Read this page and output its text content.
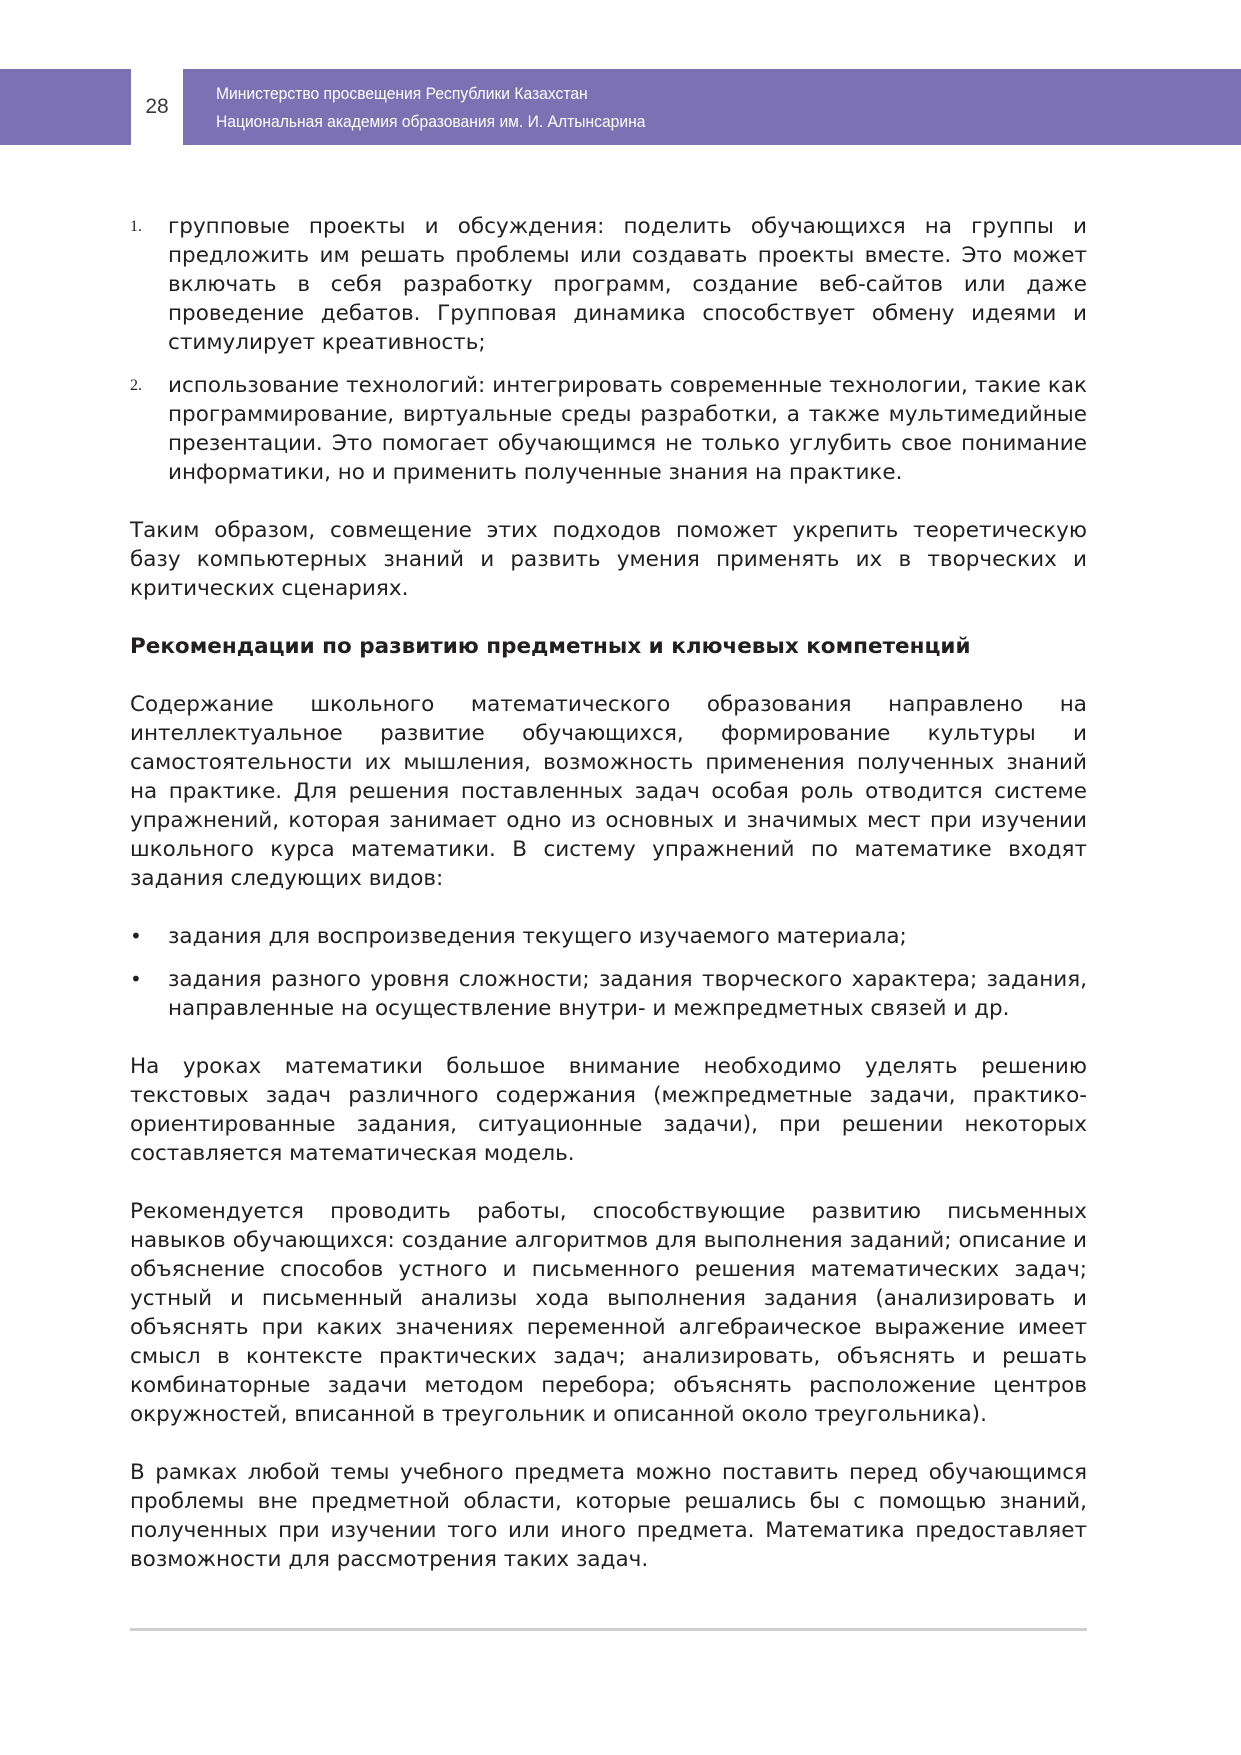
28
Министерство просвещения Республики Казахстан
Национальная академия образования им. И. Алтынсарина
1. групповые проекты и обсуждения: поделить обучающихся на группы и предложить им решать проблемы или создавать проекты вместе. Это может включать в себя разработку программ, создание веб-сайтов или даже проведение дебатов. Групповая динамика способствует обмену идеями и стимулирует креативность;
2. использование технологий: интегрировать современные технологии, такие как программирование, виртуальные среды разработки, а также мультимедийные презентации. Это помогает обучающимся не только углубить свое понимание информатики, но и применить полученные знания на практике.

Таким образом, совмещение этих подходов поможет укрепить теоретическую базу компьютерных знаний и развить умения применять их в творческих и критических сценариях.

Рекомендации по развитию предметных и ключевых компетенций

Содержание школьного математического образования направлено на интеллектуальное развитие обучающихся, формирование культуры и самостоятельности их мышления, возможность применения полученных знаний на практике. Для решения поставленных задач особая роль отводится системе упражнений, которая занимает одно из основных и значимых мест при изучении школьного курса математики. В систему упражнений по математике входят задания следующих видов:

• задания для воспроизведения текущего изучаемого материала;
• задания разного уровня сложности; задания творческого характера; задания, направленные на осуществление внутри- и межпредметных связей и др.

На уроках математики большое внимание необходимо уделять решению текстовых задач различного содержания (межпредметные задачи, практико-ориентированные задания, ситуационные задачи), при решении некоторых составляется математическая модель.

Рекомендуется проводить работы, способствующие развитию письменных навыков обучающихся: создание алгоритмов для выполнения заданий; описание и объяснение способов устного и письменного решения математических задач; устный и письменный анализы хода выполнения задания (анализировать и объяснять при каких значениях переменной алгебраическое выражение имеет смысл в контексте практических задач; анализировать, объяснять и решать комбинаторные задачи методом перебора; объяснять расположение центров окружностей, вписанной в треугольник и описанной около треугольника).

В рамках любой темы учебного предмета можно поставить перед обучающимся проблемы вне предметной области, которые решались бы с помощью знаний, полученных при изучении того или иного предмета. Математика предоставляет возможности для рассмотрения таких задач.
